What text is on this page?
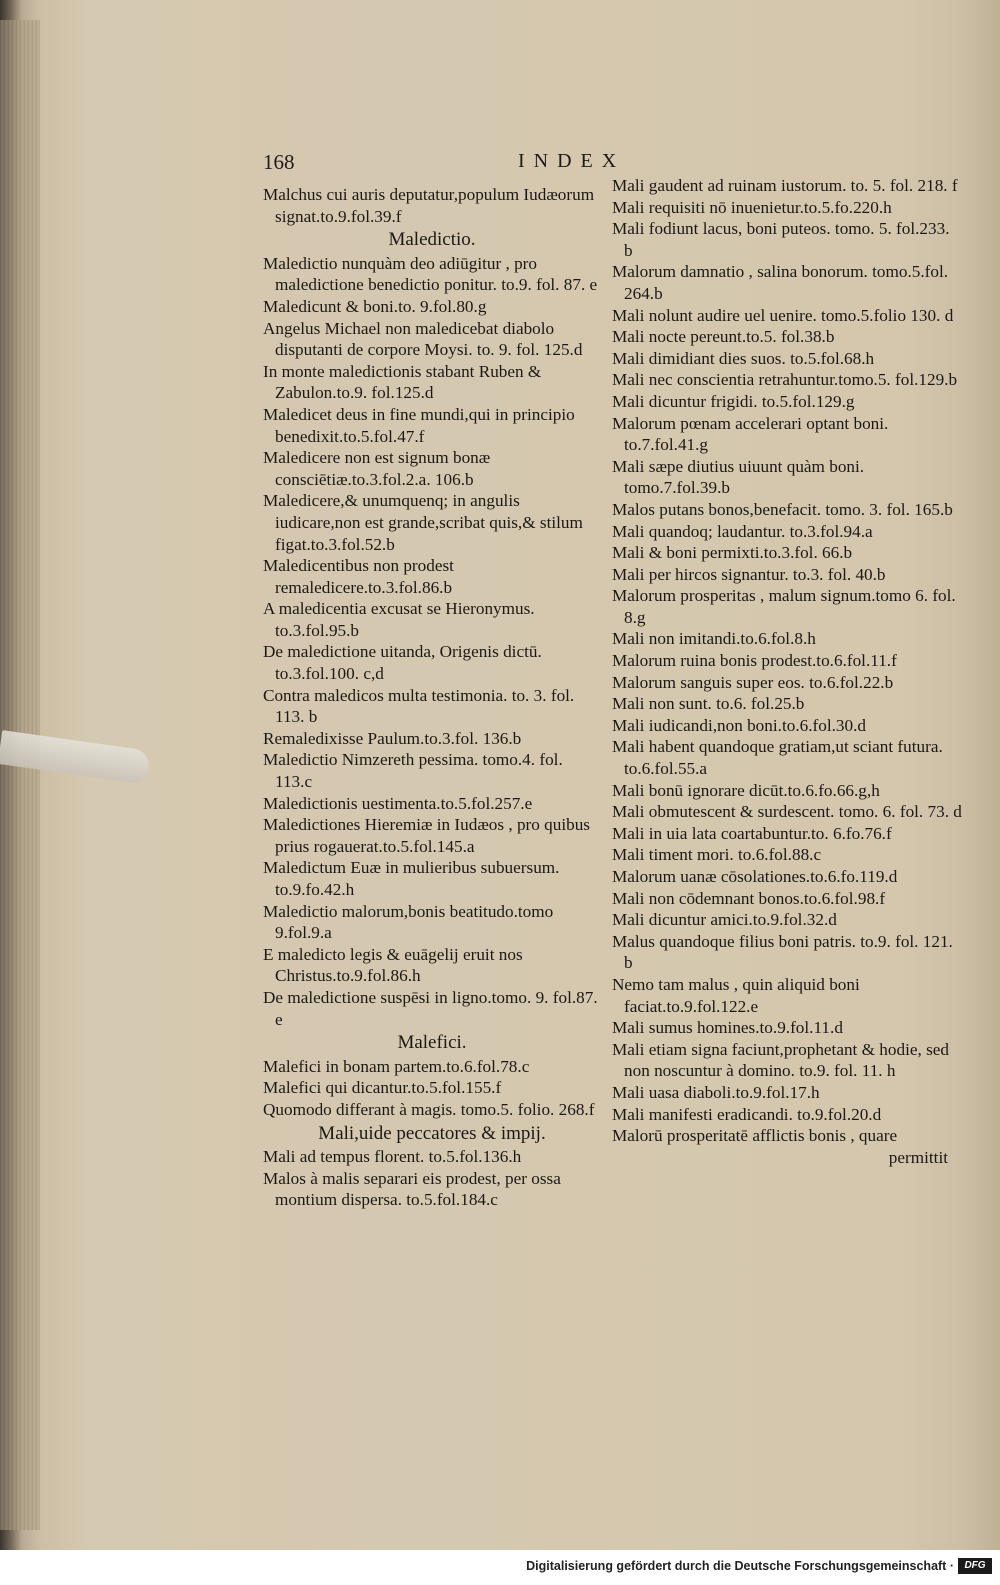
168	INDEX
Malchus cui auris deputatur,populum Iudæorum signat.to.9.fol.39.f
Maledictio.
Maledictio nunquàm deo adiūgitur , pro maledictione benedictio ponitur. to.9. fol. 87. e
Maledicunt & boni.to. 9.fol.80.g
Angelus Michael non maledicebat diabolo disputanti de corpore Moysi. to. 9. fol. 125.d
In monte maledictionis stabant Ruben & Zabulon.to.9. fol.125.d
Maledicet deus in fine mundi,qui in principio benedixit.to.5.fol.47.f
Maledicere non est signum bonæ consciētiæ.to.3.fol.2.a. 106.b
Maledicere,& unumquenq; in angulis iudicare,non est grande,scribat quis,& stilum figat.to.3.fol.52.b
Maledicentibus non prodest remaledicere.to.3.fol.86.b
A maledicentia excusat se Hieronymus. to.3.fol.95.b
De maledictione uitanda, Origenis dictū. to.3.fol.100. c,d
Contra maledicos multa testimonia. to. 3. fol. 113. b
Remaledixisse Paulum.to.3.fol. 136.b
Maledictio Nimzereth pessima. tomo.4. fol. 113.c
Maledictionis uestimenta.to.5.fol.257.e
Maledictiones Hieremiæ in Iudæos , pro quibus prius rogauerat.to.5.fol.145.a
Maledictum Euæ in mulieribus subuersum. to.9.fo.42.h
Maledictio malorum,bonis beatitudo.tomo 9.fol.9.a
E maledicto legis & euāgelij eruit nos Christus.to.9.fol.86.h
De maledictione suspēsi in ligno.tomo. 9. fol.87. e
Malefici.
Malefici in bonam partem.to.6.fol.78.c
Malefici qui dicantur.to.5.fol.155.f
Quomodo differant à magis. tomo.5. folio. 268.f
Mali,uide peccatores & impij.
Mali ad tempus florent. to.5.fol.136.h
Malos à malis separari eis prodest, per ossa montium dispersa. to.5.fol.184.c
Mali gaudent ad ruinam iustorum. to. 5. fol. 218. f
Mali requisiti nō inuenietur.to.5.fo.220.h
Mali fodiunt lacus, boni puteos. tomo. 5. fol.233. b
Malorum damnatio , salina bonorum. tomo.5.fol. 264.b
Mali nolunt audire uel uenire. tomo.5.folio 130. d
Mali nocte pereunt.to.5. fol.38.b
Mali dimidiant dies suos. to.5.fol.68.h
Mali nec conscientia retrahuntur.tomo.5. fol.129.b
Mali dicuntur frigidi. to.5.fol.129.g
Malorum pœnam accelerari optant boni. to.7.fol.41.g
Mali sæpe diutius uiuunt quàm boni. tomo.7.fol.39.b
Malos putans bonos,benefacit. tomo. 3. fol. 165.b
Mali quandoq; laudantur. to.3.fol.94.a
Mali & boni permixti.to.3.fol. 66.b
Mali per hircos signantur. to.3. fol. 40.b
Malorum prosperitas , malum signum.tomo 6. fol. 8.g
Mali non imitandi.to.6.fol.8.h
Malorum ruina bonis prodest.to.6.fol.11.f
Malorum sanguis super eos. to.6.fol.22.b
Mali non sunt. to.6. fol.25.b
Mali iudicandi,non boni.to.6.fol.30.d
Mali habent quandoque gratiam,ut sciant futura. to.6.fol.55.a
Mali bonū ignorare dicūt.to.6.fo.66.g,h
Mali obmutescent & surdescent. tomo. 6. fol. 73. d
Mali in uia lata coartabuntur.to. 6.fo.76.f
Mali timent mori. to.6.fol.88.c
Malorum uanæ cōsolationes.to.6.fo.119.d
Mali non cōdemnant bonos.to.6.fol.98.f
Mali dicuntur amici.to.9.fol.32.d
Malus quandoque filius boni patris. to.9. fol. 121. b
Nemo tam malus , quin aliquid boni faciat.to.9.fol.122.e
Mali sumus homines.to.9.fol.11.d
Mali etiam signa faciunt,prophetant & hodie, sed non noscuntur à domino. to.9. fol. 11. h
Mali uasa diaboli.to.9.fol.17.h
Mali manifesti eradicandi. to.9.fol.20.d
Malorū prosperitatē afflictis bonis , quare
permittit
Digitalisierung gefördert durch die Deutsche Forschungsgemeinschaft ·	DFG
